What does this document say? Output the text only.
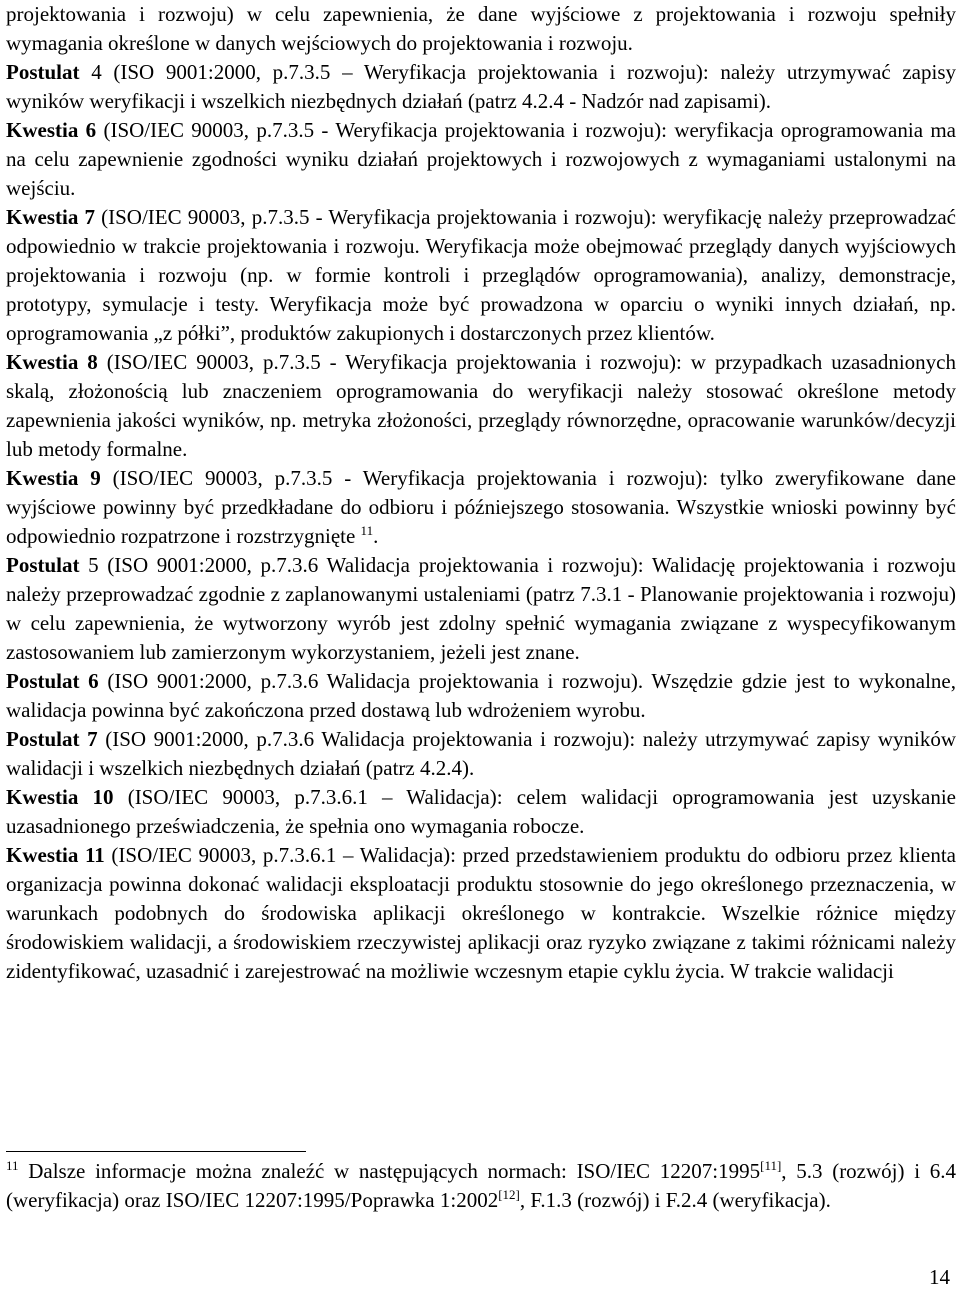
projektowania i rozwoju) w celu zapewnienia, że dane wyjściowe z projektowania i rozwoju spełniły wymagania określone w danych wejściowych do projektowania i rozwoju.

Postulat 4 (ISO 9001:2000, p.7.3.5 – Weryfikacja projektowania i rozwoju): należy utrzymywać zapisy wyników weryfikacji i wszelkich niezbędnych działań (patrz 4.2.4 - Nadzór nad zapisami).

Kwestia 6 (ISO/IEC 90003, p.7.3.5 - Weryfikacja projektowania i rozwoju): weryfikacja oprogramowania ma na celu zapewnienie zgodności wyniku działań projektowych i rozwojowych z wymaganiami ustalonymi na wejściu.

Kwestia 7 (ISO/IEC 90003, p.7.3.5 - Weryfikacja projektowania i rozwoju): weryfikację należy przeprowadzać odpowiednio w trakcie projektowania i rozwoju. Weryfikacja może obejmować przeglądy danych wyjściowych projektowania i rozwoju (np. w formie kontroli i przeglądów oprogramowania), analizy, demonstracje, prototypy, symulacje i testy. Weryfikacja może być prowadzona w oparciu o wyniki innych działań, np. oprogramowania „z półki”, produktów zakupionych i dostarczonych przez klientów.

Kwestia 8 (ISO/IEC 90003, p.7.3.5 - Weryfikacja projektowania i rozwoju): w przypadkach uzasadnionych skalą, złożonością lub znaczeniem oprogramowania do weryfikacji należy stosować określone metody zapewnienia jakości wyników, np. metryka złożoności, przeglądy równorzędne, opracowanie warunków/decyzji lub metody formalne.

Kwestia 9 (ISO/IEC 90003, p.7.3.5 - Weryfikacja projektowania i rozwoju): tylko zweryfikowane dane wyjściowe powinny być przedkładane do odbioru i późniejszego stosowania. Wszystkie wnioski powinny być odpowiednio rozpatrzone i rozstrzygnięte $^{11}$.

Postulat 5 (ISO 9001:2000, p.7.3.6 Walidacja projektowania i rozwoju): Walidację projektowania i rozwoju należy przeprowadzać zgodnie z zaplanowanymi ustaleniami (patrz 7.3.1 - Planowanie projektowania i rozwoju) w celu zapewnienia, że wytworzony wyrób jest zdolny spełnić wymagania związane z wyspecyfikowanym zastosowaniem lub zamierzonym wykorzystaniem, jeżeli jest znane.

Postulat 6 (ISO 9001:2000, p.7.3.6 Walidacja projektowania i rozwoju). Wszędzie gdzie jest to wykonalne, walidacja powinna być zakończona przed dostawą lub wdrożeniem wyrobu.

Postulat 7 (ISO 9001:2000, p.7.3.6 Walidacja projektowania i rozwoju): należy utrzymywać zapisy wyników walidacji i wszelkich niezbędnych działań (patrz 4.2.4).

Kwestia 10 (ISO/IEC 90003, p.7.3.6.1 – Walidacja): celem walidacji oprogramowania jest uzyskanie uzasadnionego przeświadczenia, że spełnia ono wymagania robocze.

Kwestia 11 (ISO/IEC 90003, p.7.3.6.1 – Walidacja): przed przedstawieniem produktu do odbioru przez klienta organizacja powinna dokonać walidacji eksploatacji produktu stosownie do jego określonego przeznaczenia, w warunkach podobnych do środowiska aplikacji określonego w kontrakcie. Wszelkie różnice między środowiskiem walidacji, a środowiskiem rzeczywistej aplikacji oraz ryzyko związane z takimi różnicami należy zidentyfikować, uzasadnić i zarejestrować na możliwie wczesnym etapie cyklu życia. W trakcie walidacji

$^{11}$ Dalsze informacje można znaleźć w następujących normach: ISO/IEC 12207:1995[11], 5.3 (rozwój) i 6.4 (weryfikacja) oraz ISO/IEC 12207:1995/Poprawka 1:2002[12], F.1.3 (rozwój) i F.2.4 (weryfikacja).
14
